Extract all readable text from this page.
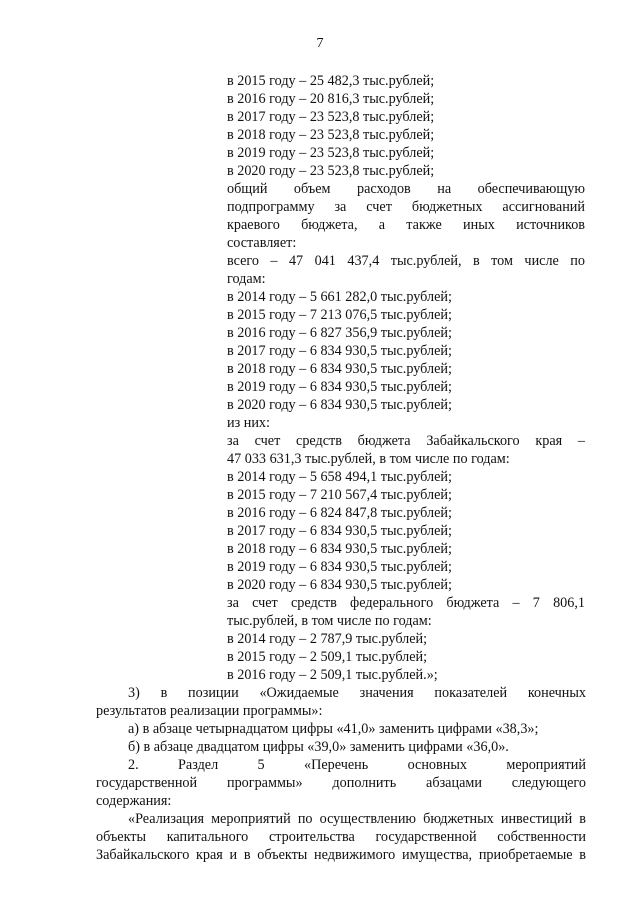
7
в 2015 году – 25 482,3 тыс.рублей;
в 2016 году – 20 816,3 тыс.рублей;
в 2017 году – 23 523,8 тыс.рублей;
в 2018 году – 23 523,8 тыс.рублей;
в 2019 году – 23 523,8 тыс.рублей;
в 2020 году – 23 523,8 тыс.рублей;
общий объем расходов на обеспечивающую
подпрограмму за счет бюджетных ассигнований
краевого бюджета, а также иных источников
составляет:
всего – 47 041 437,4 тыс.рублей, в том числе по
годам:
в 2014 году – 5 661 282,0 тыс.рублей;
в 2015 году – 7 213 076,5 тыс.рублей;
в 2016 году – 6 827 356,9 тыс.рублей;
в 2017 году – 6 834 930,5 тыс.рублей;
в 2018 году – 6 834 930,5 тыс.рублей;
в 2019 году – 6 834 930,5 тыс.рублей;
в 2020 году – 6 834 930,5 тыс.рублей;
из них:
за счет средств бюджета Забайкальского края –
47 033 631,3 тыс.рублей, в том числе по годам:
в 2014 году – 5 658 494,1 тыс.рублей;
в 2015 году – 7 210 567,4 тыс.рублей;
в 2016 году – 6 824 847,8 тыс.рублей;
в 2017 году – 6 834 930,5 тыс.рублей;
в 2018 году – 6 834 930,5 тыс.рублей;
в 2019 году – 6 834 930,5 тыс.рублей;
в 2020 году – 6 834 930,5 тыс.рублей;
за счет средств федерального бюджета – 7 806,1
тыс.рублей, в том числе по годам:
в 2014 году – 2 787,9 тыс.рублей;
в 2015 году – 2 509,1 тыс.рублей;
в 2016 году – 2 509,1 тыс.рублей.»;
3) в позиции «Ожидаемые значения показателей конечных
результатов реализации программы»:
а) в абзаце четырнадцатом цифры «41,0» заменить цифрами «38,3»;
б) в абзаце двадцатом цифры «39,0» заменить цифрами «36,0».
2. Раздел 5 «Перечень основных мероприятий
государственной программы» дополнить абзацами следующего
содержания:
«Реализация мероприятий по осуществлению бюджетных инвестиций в
объекты капитального строительства государственной собственности
Забайкальского края и в объекты недвижимого имущества, приобретаемые в
